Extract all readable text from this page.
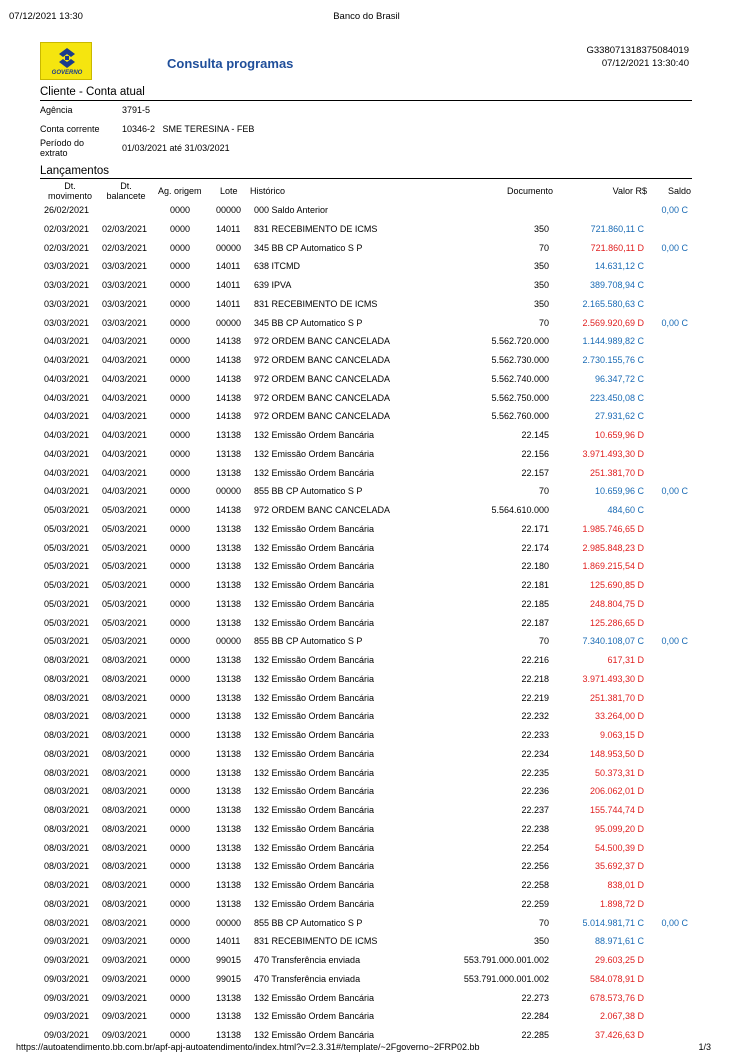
07/12/2021 13:30	Banco do Brasil
GOVERNO
Consulta programas
G338071318375084019
07/12/2021 13:30:40
Cliente - Conta atual
Agência	3791-5
Conta corrente 10346-2   SME TERESINA - FEB
Período do
extrato	01/03/2021 até 31/03/2021
Lançamentos
Dt.
movimento
Dt.
balancete	Ag. origem Lote Histórico	Documento	Valor R$ Saldo
26/02/2021	0000	00000 000 Saldo Anterior	0,00 C
02/03/2021 02/03/2021	0000	14011 831 RECEBIMENTO DE ICMS	350	721.860,11 C
02/03/2021 02/03/2021	0000	00000 345 BB CP Automatico S P	70	721.860,11 D 0,00 C
03/03/2021 03/03/2021	0000	14011 638 ITCMD	350	14.631,12 C
03/03/2021 03/03/2021	0000	14011 639 IPVA	350	389.708,94 C
03/03/2021 03/03/2021	0000	14011 831 RECEBIMENTO DE ICMS	350	2.165.580,63 C
03/03/2021 03/03/2021	0000	00000 345 BB CP Automatico S P	70	2.569.920,69 D 0,00 C
04/03/2021 04/03/2021	0000	14138 972 ORDEM BANC CANCELADA	5.562.720.000	1.144.989,82 C
04/03/2021 04/03/2021	0000	14138 972 ORDEM BANC CANCELADA	5.562.730.000	2.730.155,76 C
04/03/2021 04/03/2021	0000	14138 972 ORDEM BANC CANCELADA	5.562.740.000	96.347,72 C
04/03/2021 04/03/2021	0000	14138 972 ORDEM BANC CANCELADA	5.562.750.000	223.450,08 C
04/03/2021 04/03/2021	0000	14138 972 ORDEM BANC CANCELADA	5.562.760.000	27.931,62 C
04/03/2021 04/03/2021	0000	13138 132 Emissão Ordem Bancária	22.145	10.659,96 D
04/03/2021 04/03/2021	0000	13138 132 Emissão Ordem Bancária	22.156	3.971.493,30 D
04/03/2021 04/03/2021	0000	13138 132 Emissão Ordem Bancária	22.157	251.381,70 D
04/03/2021 04/03/2021	0000	00000 855 BB CP Automatico S P	70	10.659,96 C 0,00 C
05/03/2021 05/03/2021	0000	14138 972 ORDEM BANC CANCELADA	5.564.610.000	484,60 C
05/03/2021 05/03/2021	0000	13138 132 Emissão Ordem Bancária	22.171	1.985.746,65 D
05/03/2021 05/03/2021	0000	13138 132 Emissão Ordem Bancária	22.174	2.985.848,23 D
05/03/2021 05/03/2021	0000	13138 132 Emissão Ordem Bancária	22.180	1.869.215,54 D
05/03/2021 05/03/2021	0000	13138 132 Emissão Ordem Bancária	22.181	125.690,85 D
05/03/2021 05/03/2021	0000	13138 132 Emissão Ordem Bancária	22.185	248.804,75 D
05/03/2021 05/03/2021	0000	13138 132 Emissão Ordem Bancária	22.187	125.286,65 D
05/03/2021 05/03/2021	0000	00000 855 BB CP Automatico S P	70	7.340.108,07 C 0,00 C
08/03/2021 08/03/2021	0000	13138 132 Emissão Ordem Bancária	22.216	617,31 D
08/03/2021 08/03/2021	0000	13138 132 Emissão Ordem Bancária	22.218	3.971.493,30 D
08/03/2021 08/03/2021	0000	13138 132 Emissão Ordem Bancária	22.219	251.381,70 D
08/03/2021 08/03/2021	0000	13138 132 Emissão Ordem Bancária	22.232	33.264,00 D
08/03/2021 08/03/2021	0000	13138 132 Emissão Ordem Bancária	22.233	9.063,15 D
08/03/2021 08/03/2021	0000	13138 132 Emissão Ordem Bancária	22.234	148.953,50 D
08/03/2021 08/03/2021	0000	13138 132 Emissão Ordem Bancária	22.235	50.373,31 D
08/03/2021 08/03/2021	0000	13138 132 Emissão Ordem Bancária	22.236	206.062,01 D
08/03/2021 08/03/2021	0000	13138 132 Emissão Ordem Bancária	22.237	155.744,74 D
08/03/2021 08/03/2021	0000	13138 132 Emissão Ordem Bancária	22.238	95.099,20 D
08/03/2021 08/03/2021	0000	13138 132 Emissão Ordem Bancária	22.254	54.500,39 D
08/03/2021 08/03/2021	0000	13138 132 Emissão Ordem Bancária	22.256	35.692,37 D
08/03/2021 08/03/2021	0000	13138 132 Emissão Ordem Bancária	22.258	838,01 D
08/03/2021 08/03/2021	0000	13138 132 Emissão Ordem Bancária	22.259	1.898,72 D
08/03/2021 08/03/2021	0000	00000 855 BB CP Automatico S P	70	5.014.981,71 C 0,00 C
09/03/2021 09/03/2021	0000	14011 831 RECEBIMENTO DE ICMS	350	88.971,61 C
09/03/2021 09/03/2021	0000	99015 470 Transferência enviada	553.791.000.001.002	29.603,25 D
09/03/2021 09/03/2021	0000	99015 470 Transferência enviada	553.791.000.001.002	584.078,91 D
09/03/2021 09/03/2021	0000	13138 132 Emissão Ordem Bancária	22.273	678.573,76 D
09/03/2021 09/03/2021	0000	13138 132 Emissão Ordem Bancária	22.284	2.067,38 D
09/03/2021 09/03/2021	0000	13138 132 Emissão Ordem Bancária	22.285	37.426,63 D
https://autoatendimento.bb.com.br/apf-apj-autoatendimento/index.html?v=2.3.31#/template/~2Fgoverno~2FRP02.bb	1/3
